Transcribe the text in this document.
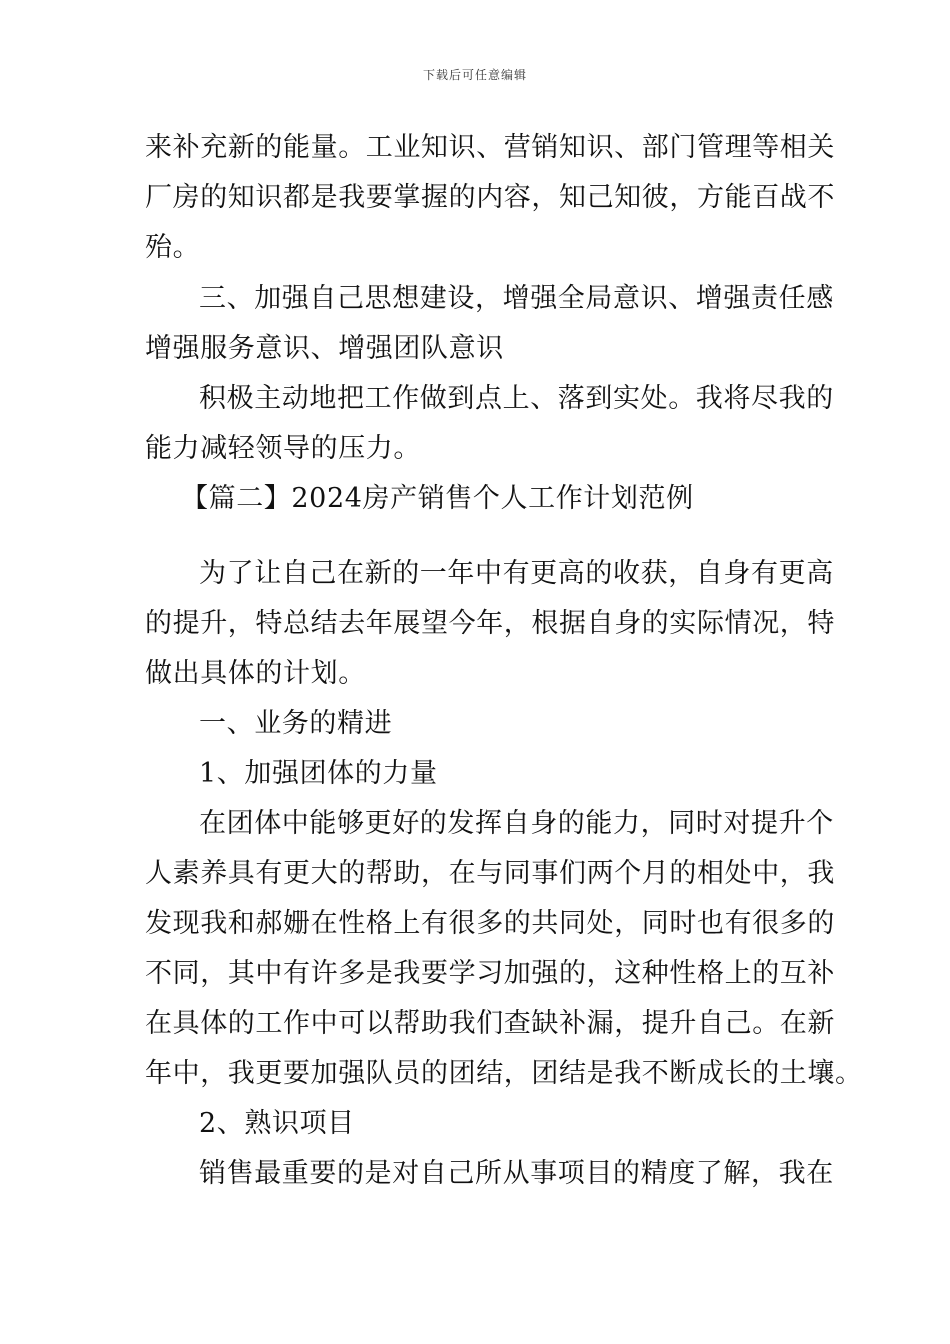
下载后可任意编辑
来补充新的能量。工业知识、营销知识、部门管理等相关
厂房的知识都是我要掌握的内容，知己知彼，方能百战不
殆。
三、加强自己思想建设，增强全局意识、增强责任感
增强服务意识、增强团队意识
积极主动地把工作做到点上、落到实处。我将尽我的
能力减轻领导的压力。
【篇二】2024房产销售个人工作计划范例
为了让自己在新的一年中有更高的收获，自身有更高
的提升，特总结去年展望今年，根据自身的实际情况，特
做出具体的计划。
一、业务的精进
1、加强团体的力量
在团体中能够更好的发挥自身的能力，同时对提升个
人素养具有更大的帮助，在与同事们两个月的相处中，我
发现我和郝姗在性格上有很多的共同处，同时也有很多的
不同，其中有许多是我要学习加强的，这种性格上的互补
在具体的工作中可以帮助我们查缺补漏，提升自己。在新
年中，我更要加强队员的团结，团结是我不断成长的土壤。
2、熟识项目
销售最重要的是对自己所从事项目的精度了解，我在
